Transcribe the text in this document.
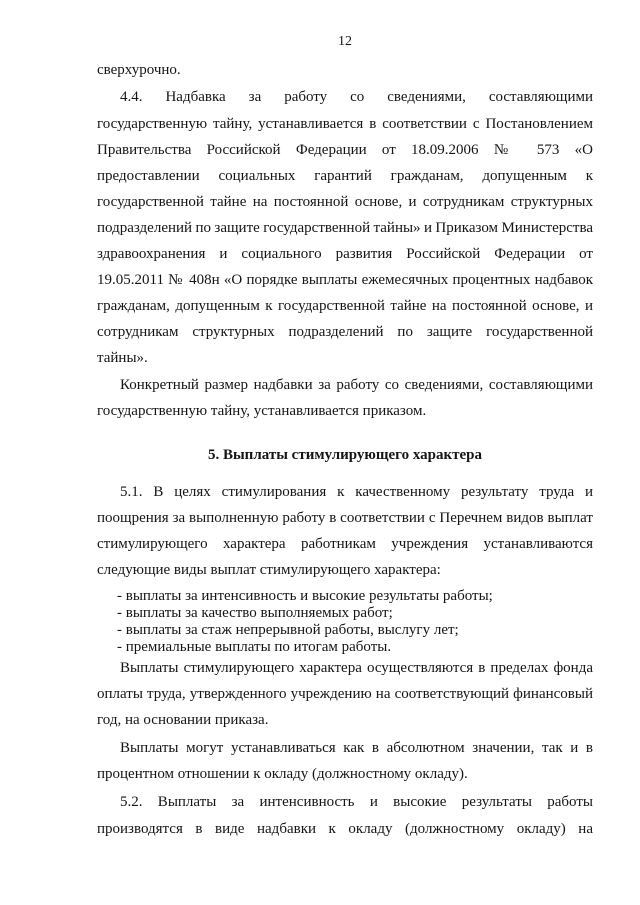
12
сверхурочно.
4.4. Надбавка за работу со сведениями, составляющими
государственную тайну, устанавливается в соответствии с Постановлением
Правительства Российской Федерации от 18.09.2006 № 573 «О
предоставлении социальных гарантий гражданам, допущенным к
государственной тайне на постоянной основе, и сотрудникам структурных
подразделений по защите государственной тайны» и Приказом Министерства
здравоохранения и социального развития Российской Федерации от
19.05.2011 № 408н «О порядке выплаты ежемесячных процентных надбавок
гражданам, допущенным к государственной тайне на постоянной основе, и
сотрудникам структурных подразделений по защите государственной
тайны».
Конкретный размер надбавки за работу со сведениями, составляющими
государственную тайну, устанавливается приказом.
5. Выплаты стимулирующего характера
5.1. В целях стимулирования к качественному результату труда и
поощрения за выполненную работу в соответствии с Перечнем видов выплат
стимулирующего характера работникам учреждения устанавливаются
следующие виды выплат стимулирующего характера:
- выплаты за интенсивность и высокие результаты работы;
- выплаты за качество выполняемых работ;
- выплаты за стаж непрерывной работы, выслугу лет;
- премиальные выплаты по итогам работы.
Выплаты стимулирующего характера осуществляются в пределах фонда
оплаты труда, утвержденного учреждению на соответствующий финансовый
год, на основании приказа.
Выплаты могут устанавливаться как в абсолютном значении, так и в
процентном отношении к окладу (должностному окладу).
5.2. Выплаты за интенсивность и высокие результаты работы
производятся в виде надбавки к окладу (должностному окладу) на
